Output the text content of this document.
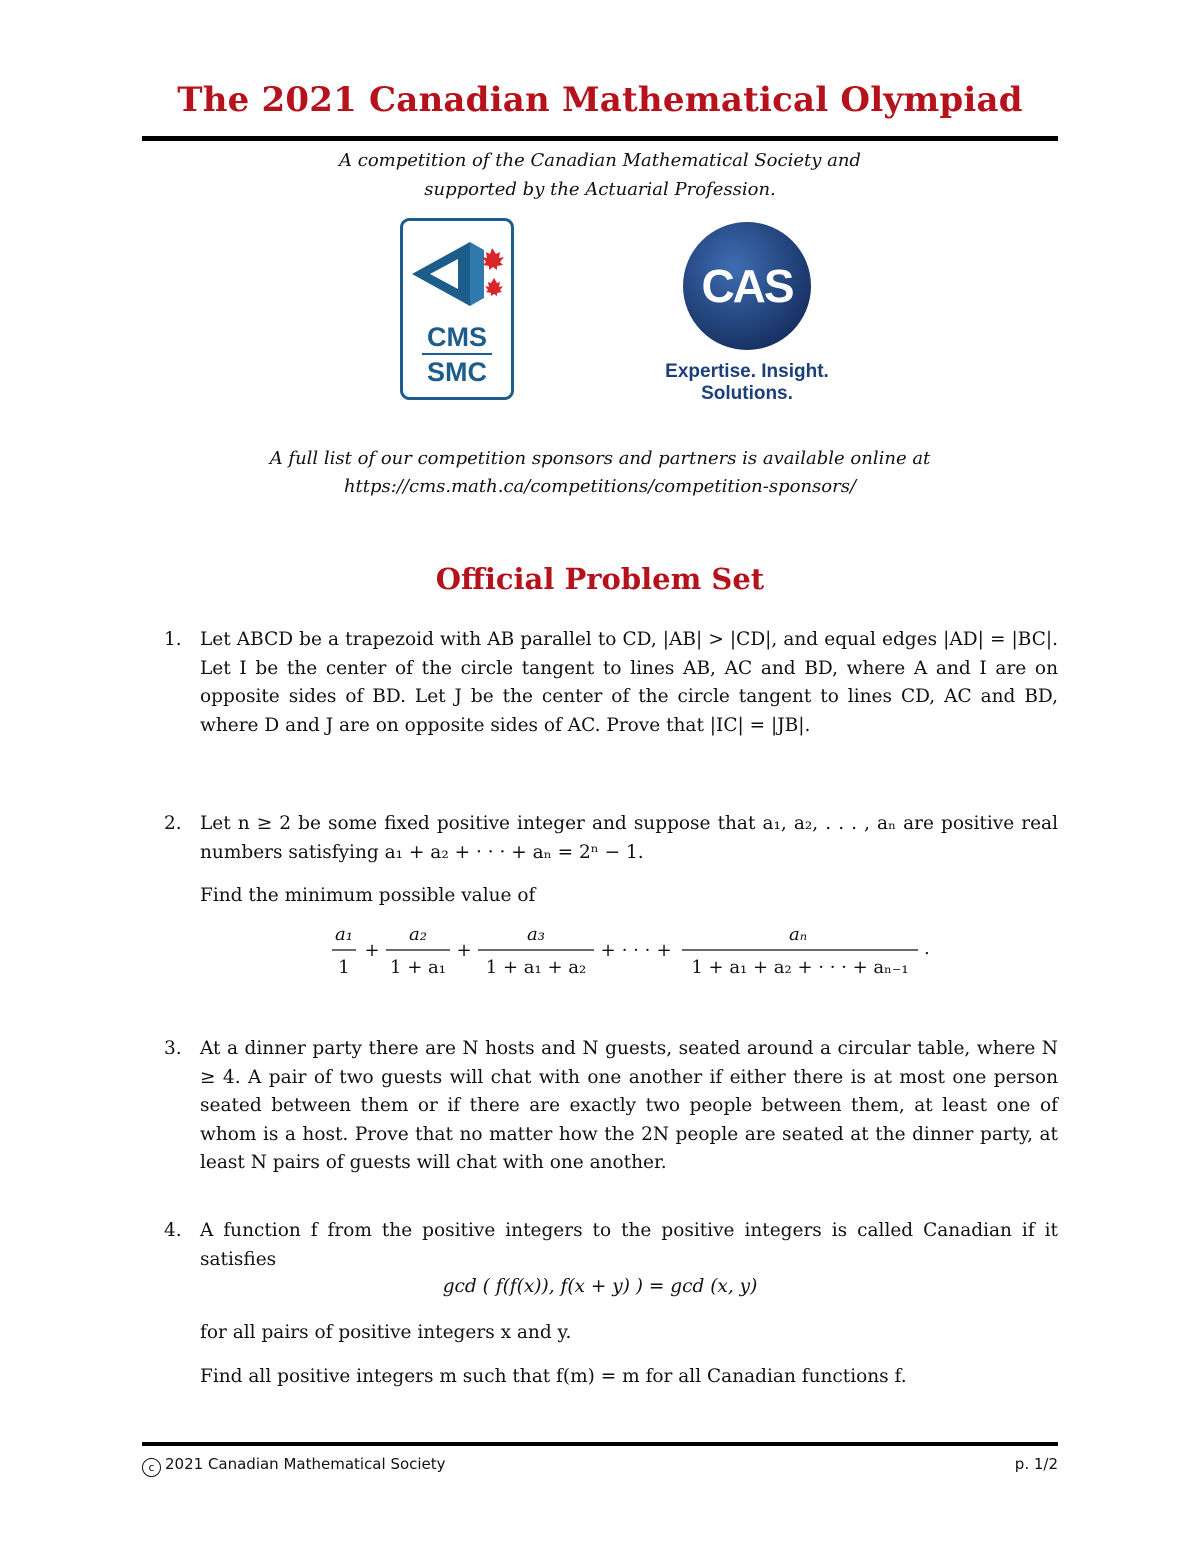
The 2021 Canadian Mathematical Olympiad
A competition of the Canadian Mathematical Society and
supported by the Actuarial Profession.
CMS
SMC
CAS
Expertise. Insight.
Solutions.
A full list of our competition sponsors and partners is available online at
https://cms.math.ca/competitions/competition-sponsors/
Official Problem Set
1. Let ABCD be a trapezoid with AB parallel to CD, |AB| > |CD|, and equal edges |AD| = |BC|. Let I be the center of the circle tangent to lines AB, AC and BD, where A and I are on opposite sides of BD. Let J be the center of the circle tangent to lines CD, AC and BD, where D and J are on opposite sides of AC. Prove that |IC| = |JB|.

2. Let n ≥ 2 be some fixed positive integer and suppose that a₁, a₂, . . . , aₙ are positive real numbers satisfying a₁ + a₂ + · · · + aₙ = 2ⁿ − 1.

Find the minimum possible value of

a₁
1
+
a₂
1 + a₁
+
a₃
1 + a₁ + a₂
+ · · · +
aₙ
1 + a₁ + a₂ + · · · + aₙ₋₁
.
3. At a dinner party there are N hosts and N guests, seated around a circular table, where N ≥ 4. A pair of two guests will chat with one another if either there is at most one person seated between them or if there are exactly two people between them, at least one of whom is a host. Prove that no matter how the 2N people are seated at the dinner party, at least N pairs of guests will chat with one another.

4. A function f from the positive integers to the positive integers is called Canadian if it satisfies

gcd ( f(f(x)), f(x + y) ) = gcd (x, y)

for all pairs of positive integers x and y.

Find all positive integers m such that f(m) = m for all Canadian functions f.

c 2021 Canadian Mathematical Society	p. 1/2
